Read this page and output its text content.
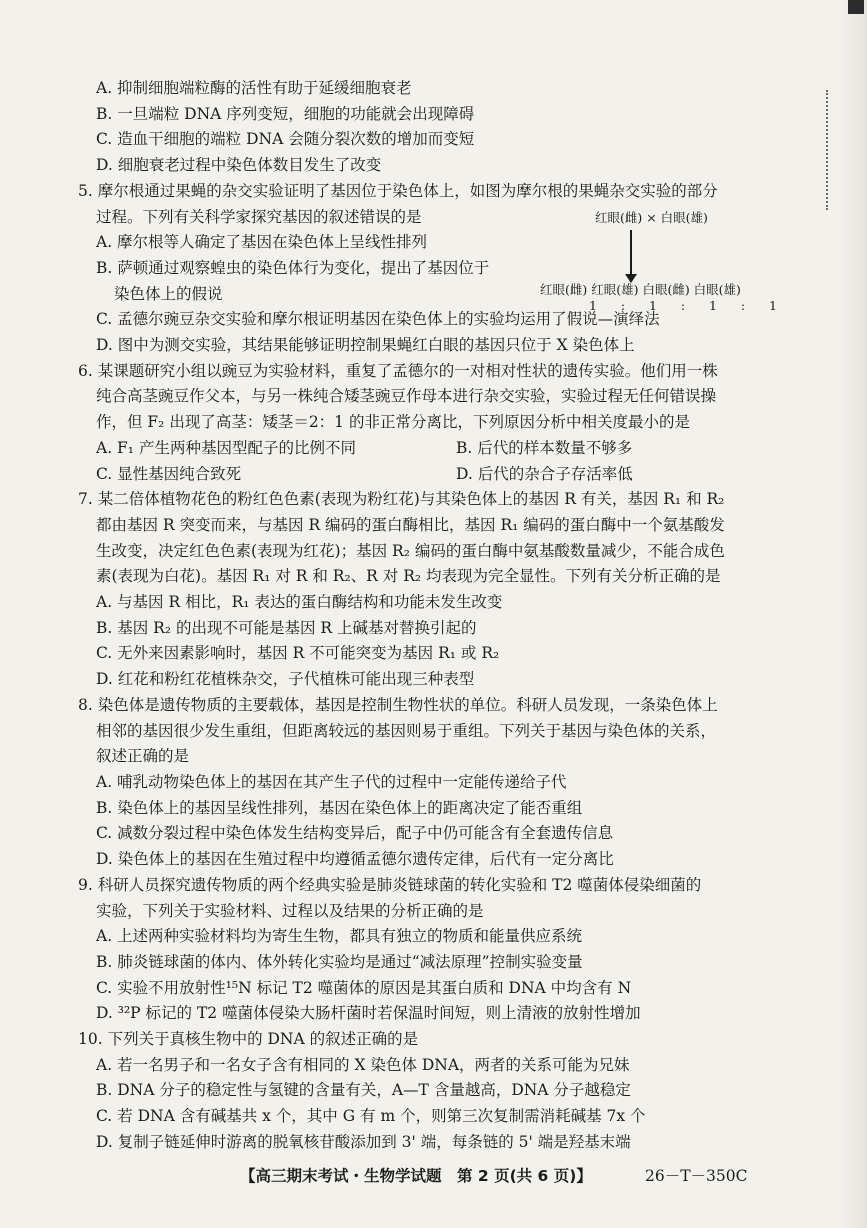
A. 抑制细胞端粒酶的活性有助于延缓细胞衰老
B. 一旦端粒 DNA 序列变短，细胞的功能就会出现障碍
C. 造血干细胞的端粒 DNA 会随分裂次数的增加而变短
D. 细胞衰老过程中染色体数目发生了改变
5. 摩尔根通过果蝇的杂交实验证明了基因位于染色体上，如图为摩尔根的果蝇杂交实验的部分
过程。下列有关科学家探究基因的叙述错误的是
A. 摩尔根等人确定了基因在染色体上呈线性排列
B. 萨顿通过观察蝗虫的染色体行为变化，提出了基因位于
染色体上的假说
C. 孟德尔豌豆杂交实验和摩尔根证明基因在染色体上的实验均运用了假说—演绎法
D. 图中为测交实验，其结果能够证明控制果蝇红白眼的基因只位于 X 染色体上
6. 某课题研究小组以豌豆为实验材料，重复了孟德尔的一对相对性状的遗传实验。他们用一株
纯合高茎豌豆作父本，与另一株纯合矮茎豌豆作母本进行杂交实验，实验过程无任何错误操
作，但 F₂ 出现了高茎：矮茎＝2：1 的非正常分离比，下列原因分析中相关度最小的是
A. F₁ 产生两种基因型配子的比例不同	B. 后代的样本数量不够多
C. 显性基因纯合致死	D. 后代的杂合子存活率低
7. 某二倍体植物花色的粉红色色素(表现为粉红花)与其染色体上的基因 R 有关，基因 R₁ 和 R₂
都由基因 R 突变而来，与基因 R 编码的蛋白酶相比，基因 R₁ 编码的蛋白酶中一个氨基酸发
生改变，决定红色色素(表现为红花)；基因 R₂ 编码的蛋白酶中氨基酸数量减少，不能合成色
素(表现为白花)。基因 R₁ 对 R 和 R₂、R 对 R₂ 均表现为完全显性。下列有关分析正确的是
A. 与基因 R 相比，R₁ 表达的蛋白酶结构和功能未发生改变
B. 基因 R₂ 的出现不可能是基因 R 上碱基对替换引起的
C. 无外来因素影响时，基因 R 不可能突变为基因 R₁ 或 R₂
D. 红花和粉红花植株杂交，子代植株可能出现三种表型
8. 染色体是遗传物质的主要载体，基因是控制生物性状的单位。科研人员发现，一条染色体上
相邻的基因很少发生重组，但距离较远的基因则易于重组。下列关于基因与染色体的关系，
叙述正确的是
A. 哺乳动物染色体上的基因在其产生子代的过程中一定能传递给子代
B. 染色体上的基因呈线性排列，基因在染色体上的距离决定了能否重组
C. 减数分裂过程中染色体发生结构变异后，配子中仍可能含有全套遗传信息
D. 染色体上的基因在生殖过程中均遵循孟德尔遗传定律，后代有一定分离比
9. 科研人员探究遗传物质的两个经典实验是肺炎链球菌的转化实验和 T2 噬菌体侵染细菌的
实验，下列关于实验材料、过程以及结果的分析正确的是
A. 上述两种实验材料均为寄生生物，都具有独立的物质和能量供应系统
B. 肺炎链球菌的体内、体外转化实验均是通过“减法原理”控制实验变量
C. 实验不用放射性¹⁵N 标记 T2 噬菌体的原因是其蛋白质和 DNA 中均含有 N
D. ³²P 标记的 T2 噬菌体侵染大肠杆菌时若保温时间短，则上清液的放射性增加
10. 下列关于真核生物中的 DNA 的叙述正确的是
A. 若一名男子和一名女子含有相同的 X 染色体 DNA，两者的关系可能为兄妹
B. DNA 分子的稳定性与氢键的含量有关，A—T 含量越高，DNA 分子越稳定
C. 若 DNA 含有碱基共 x 个，其中 G 有 m 个，则第三次复制需消耗碱基 7x 个
D. 复制子链延伸时游离的脱氧核苷酸添加到 3' 端，每条链的 5' 端是羟基末端
红眼(雌) × 白眼(雄)
红眼(雌) 红眼(雄) 白眼(雌) 白眼(雄)
1 : 1 : 1 : 1
【高三期末考试・生物学试题　第 2 页(共 6 页)】	26－T－350C
